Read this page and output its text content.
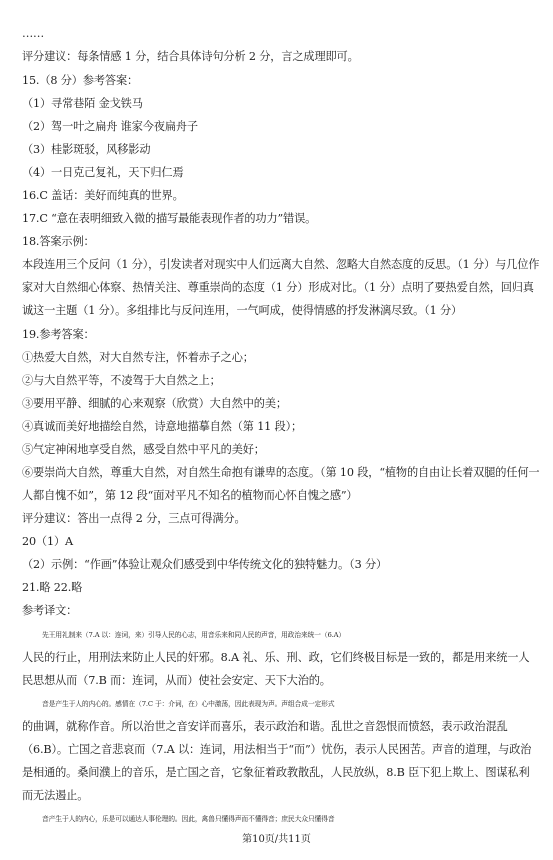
……
评分建议：每条情感 1 分，结合具体诗句分析 2 分，言之成理即可。
15.（8 分）参考答案：
（1）寻常巷陌 金戈铁马
（2）驾一叶之扁舟 谁家今夜扁舟子
（3）桂影斑驳，风移影动
（4）一日克己复礼，天下归仁焉
16.C 盖话：美好而纯真的世界。
17.C “意在表明细致入微的描写最能表现作者的功力”错误。
18.答案示例：
本段连用三个反问（1 分），引发读者对现实中人们远离大自然、忽略大自然态度的反思。（1 分）与几位作
家对大自然细心体察、热情关注、尊重崇尚的态度（1 分）形成对比。（1 分）点明了要热爱自然，回归真
诚这一主题（1 分）。多组排比与反问连用，一气呵成，使得情感的抒发淋漓尽致。（1 分）
19.参考答案：
①热爱大自然，对大自然专注，怀着赤子之心；
②与大自然平等，不凌驾于大自然之上；
③要用平静、细腻的心来观察（欣赏）大自然中的美；
④真诚而美好地描绘自然，诗意地描摹自然（第 11 段）；
⑤气定神闲地享受自然，感受自然中平凡的美好；
⑥要崇尚大自然，尊重大自然，对自然生命抱有谦卑的态度。（第 10 段，“植物的自由让长着双腿的任何一
人都自愧不如”，第 12 段“面对平凡不知名的植物而心怀自愧之感”）
评分建议：答出一点得 2 分，三点可得满分。
20（1）A
（2）示例：“作画”体验让观众们感受到中华传统文化的独特魅力。（3 分）
21.略 22.略
参考译文：
先王用礼制来（7.A 以：连词，来）引导人民的心志，用音乐来和同人民的声音，用政治来统一（6.A）
人民的行止，用刑法来防止人民的奸邪。8.A 礼、乐、刑、政，它们终极目标是一致的，都是用来统一人
民思想从而（7.B 而：连词，从而）使社会安定、天下大治的。
音是产生于人的内心的。感情在（7.C 于：介词，在）心中激荡，因此表现为声。声组合成一定形式
的曲调，就称作音。所以治世之音安详而喜乐，表示政治和谐。乱世之音怨恨而愤怒，表示政治混乱
（6.B）。亡国之音悲哀而（7.A 以：连词，用法相当于“而”）忧伤，表示人民困苦。声音的道理，与政治
是相通的。桑间濮上的音乐，是亡国之音，它象征着政教散乱，人民放纵，8.B 臣下犯上欺上、图谋私利
而无法遏止。
音产生于人的内心，乐是可以通达人事伦理的。因此，禽兽只懂得声而不懂得音；庶民大众只懂得音
第10页/共11页
